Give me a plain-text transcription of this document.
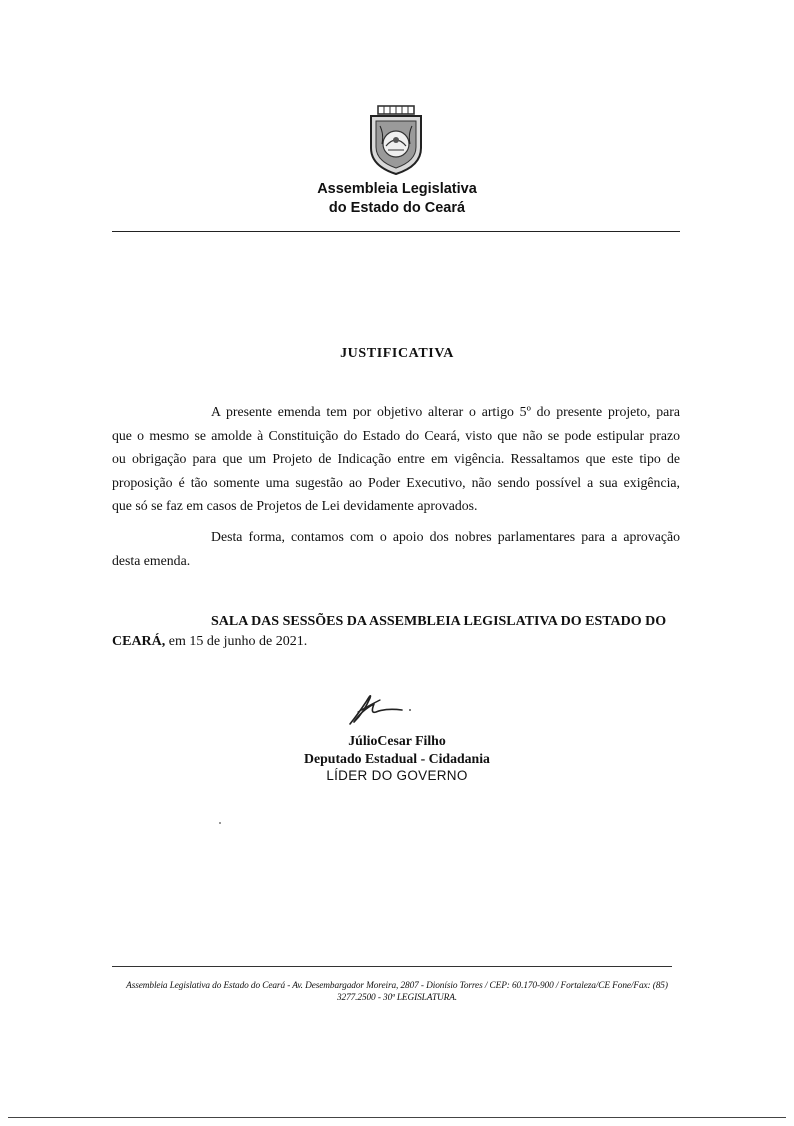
Assembleia Legislativa
do Estado do Ceará
JUSTIFICATIVA
A presente emenda tem por objetivo alterar o artigo 5º do presente projeto, para
que o mesmo se amolde à Constituição do Estado do Ceará, visto que não se pode estipular prazo
ou obrigação para que um Projeto de Indicação entre em vigência. Ressaltamos que este tipo de
proposição é tão somente uma sugestão ao Poder Executivo, não sendo possível a sua exigência,
que só se faz em casos de Projetos de Lei devidamente aprovados.
Desta forma, contamos com o apoio dos nobres parlamentares para a aprovação
desta emenda.
SALA DAS SESSÕES DA ASSEMBLEIA LEGISLATIVA DO ESTADO DO
CEARÁ, em 15 de junho de 2021.
JúlioCesar Filho
Deputado Estadual - Cidadania
LÍDER DO GOVERNO
Assembleia Legislativa do Estado do Ceará - Av. Desembargador Moreira, 2807 - Dionísio Torres / CEP: 60.170-900 / Fortaleza/CE Fone/Fax: (85)
3277.2500 - 30ª LEGISLATURA.
